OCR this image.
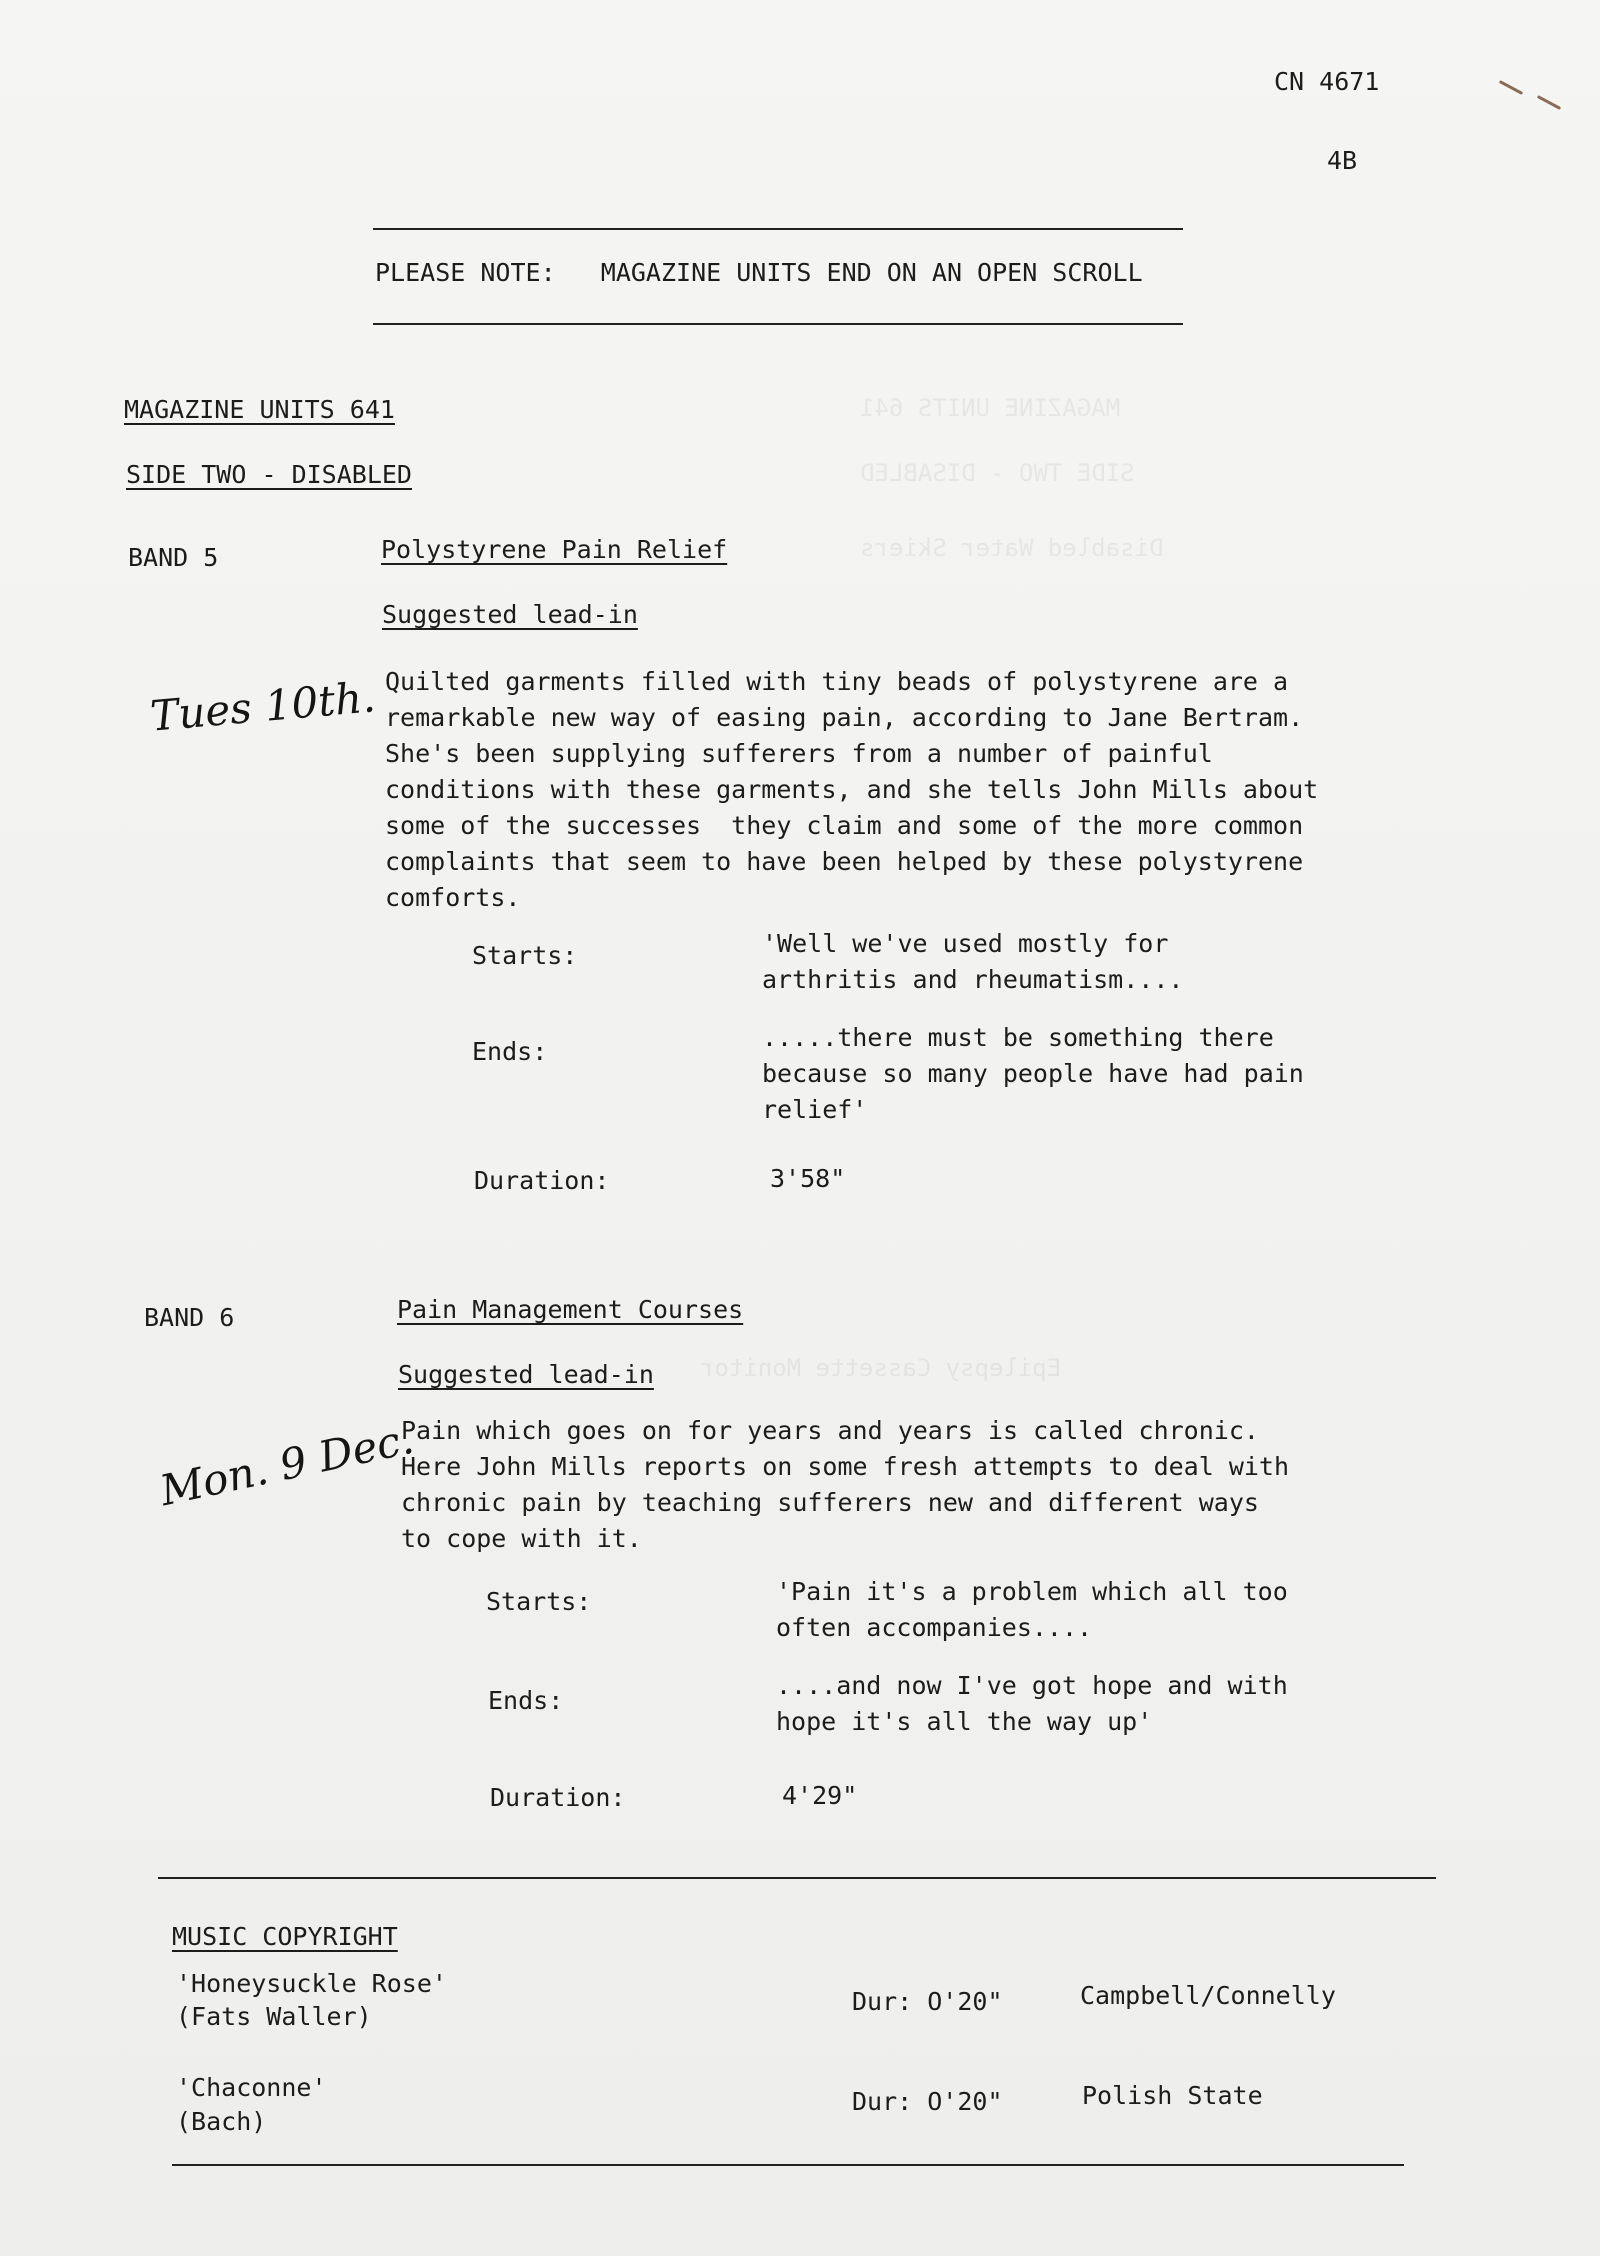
MAGAZINE UNITS 641
SIDE TWO - DISABLED
Disabled Water Skiers
Epilepsy Cassette Monitor
CN 4671
4B
PLEASE NOTE:   MAGAZINE UNITS END ON AN OPEN SCROLL
MAGAZINE UNITS 641
SIDE TWO - DISABLED
BAND 5	Polystyrene Pain Relief
Suggested lead-in
Tues 10th. Quilted garments filled with tiny beads of polystyrene are a
remarkable new way of easing pain, according to Jane Bertram.
She's been supplying sufferers from a number of painful
conditions with these garments, and she tells John Mills about
some of the successes  they claim and some of the more common
complaints that seem to have been helped by these polystyrene
comforts.
Starts:	'Well we've used mostly for
arthritis and rheumatism....
Ends:	.....there must be something there
because so many people have had pain
relief'
Duration:	3'58"
BAND 6	Pain Management Courses
Suggested lead-in
Mon. 9 Dec.
Pain which goes on for years and years is called chronic.
Here John Mills reports on some fresh attempts to deal with
chronic pain by teaching sufferers new and different ways
to cope with it.
Starts:	'Pain it's a problem which all too
often accompanies....
Ends:
....and now I've got hope and with
hope it's all the way up'
Duration:	4'29"
MUSIC COPYRIGHT
'Honeysuckle Rose'
(Fats Waller)
Dur: O'20"	Campbell/Connelly
'Chaconne'
(Bach)
Dur: O'20"	Polish State
